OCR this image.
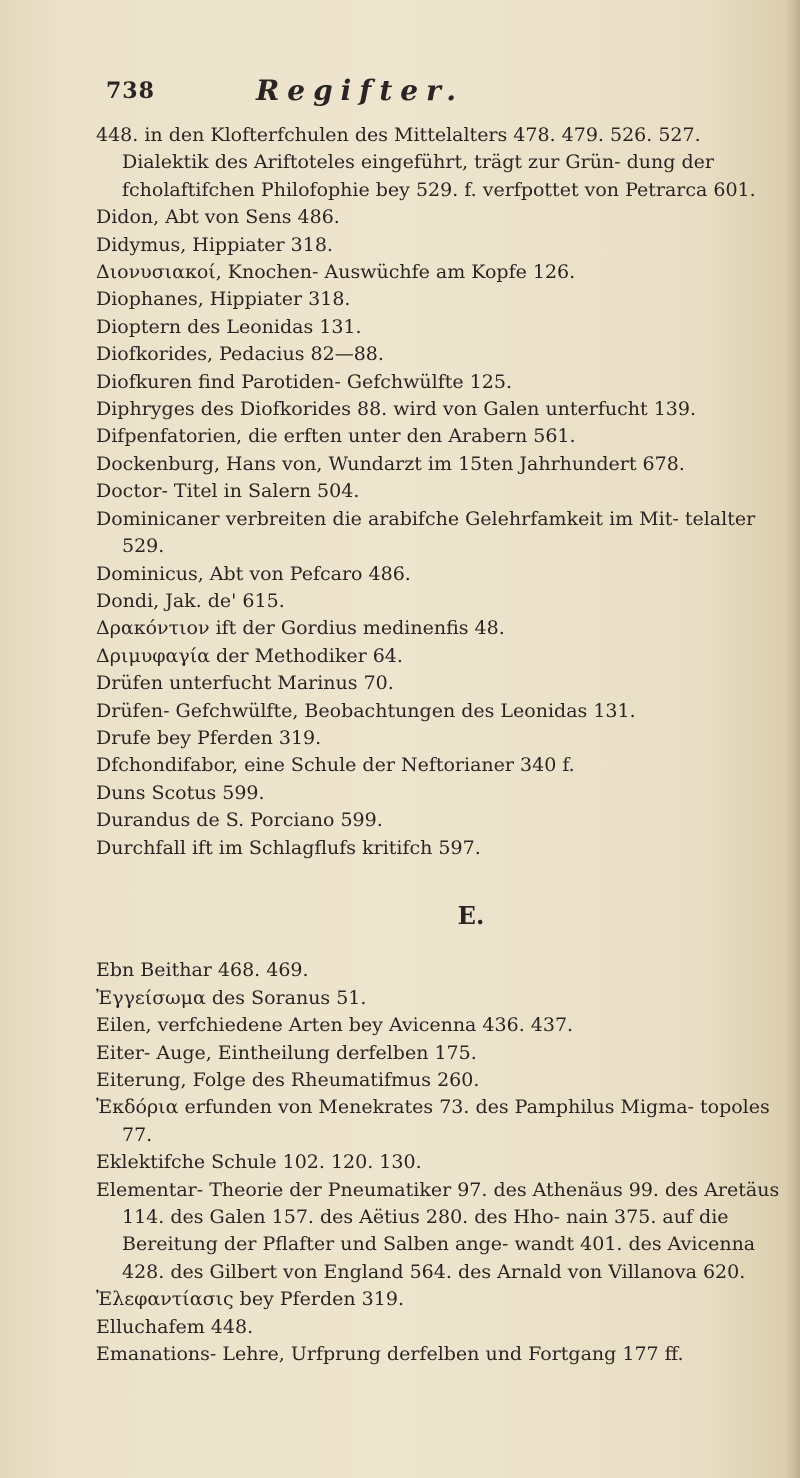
738	Regifter.

448. in den Klofterfchulen des Mittelalters 478. 479. 526. 527. Dialektik des Ariftoteles eingeführt, trägt zur Grün- dung der fcholaftifchen Philofophie bey 529. f. verfpottet von Petrarca 601.

Didon, Abt von Sens 486.

Didymus, Hippiater 318.

Διονυσιακοί, Knochen- Auswüchfe am Kopfe 126.

Diophanes, Hippiater 318.

Dioptern des Leonidas 131.

Diofkorides, Pedacius 82—88.

Diofkuren find Parotiden- Gefchwülfte 125.

Diphryges des Diofkorides 88. wird von Galen unterfucht 139.

Difpenfatorien, die erften unter den Arabern 561.

Dockenburg, Hans von, Wundarzt im 15ten Jahrhundert 678.

Doctor- Titel in Salern 504.

Dominicaner verbreiten die arabifche Gelehrfamkeit im Mit- telalter 529.

Dominicus, Abt von Pefcaro 486.

Dondi, Jak. de' 615.

Δρακόντιον ift der Gordius medinenfis 48.

Δριμυφαγία der Methodiker 64.

Drüfen unterfucht Marinus 70.

Drüfen- Gefchwülfte, Beobachtungen des Leonidas 131.

Drufe bey Pferden 319.

Dfchondifabor, eine Schule der Neftorianer 340 f.

Duns Scotus 599.

Durandus de S. Porciano 599.

Durchfall ift im Schlagflufs kritifch 597.

E.

Ebn Beithar 468. 469.

Ἐγγείσωμα des Soranus 51.

Eilen, verfchiedene Arten bey Avicenna 436. 437.

Eiter- Auge, Eintheilung derfelben 175.

Eiterung, Folge des Rheumatifmus 260.

Ἐκδόρια erfunden von Menekrates 73. des Pamphilus Migma- topoles 77.

Eklektifche Schule 102. 120. 130.

Elementar- Theorie der Pneumatiker 97. des Athenäus 99. des Aretäus 114. des Galen 157. des Aëtius 280. des Hho- nain 375. auf die Bereitung der Pflafter und Salben ange- wandt 401. des Avicenna 428. des Gilbert von England 564. des Arnald von Villanova 620.

Ἐλεφαντίασις bey Pferden 319.

Elluchafem 448.

Emanations- Lehre, Urfprung derfelben und Fortgang 177 ff.
